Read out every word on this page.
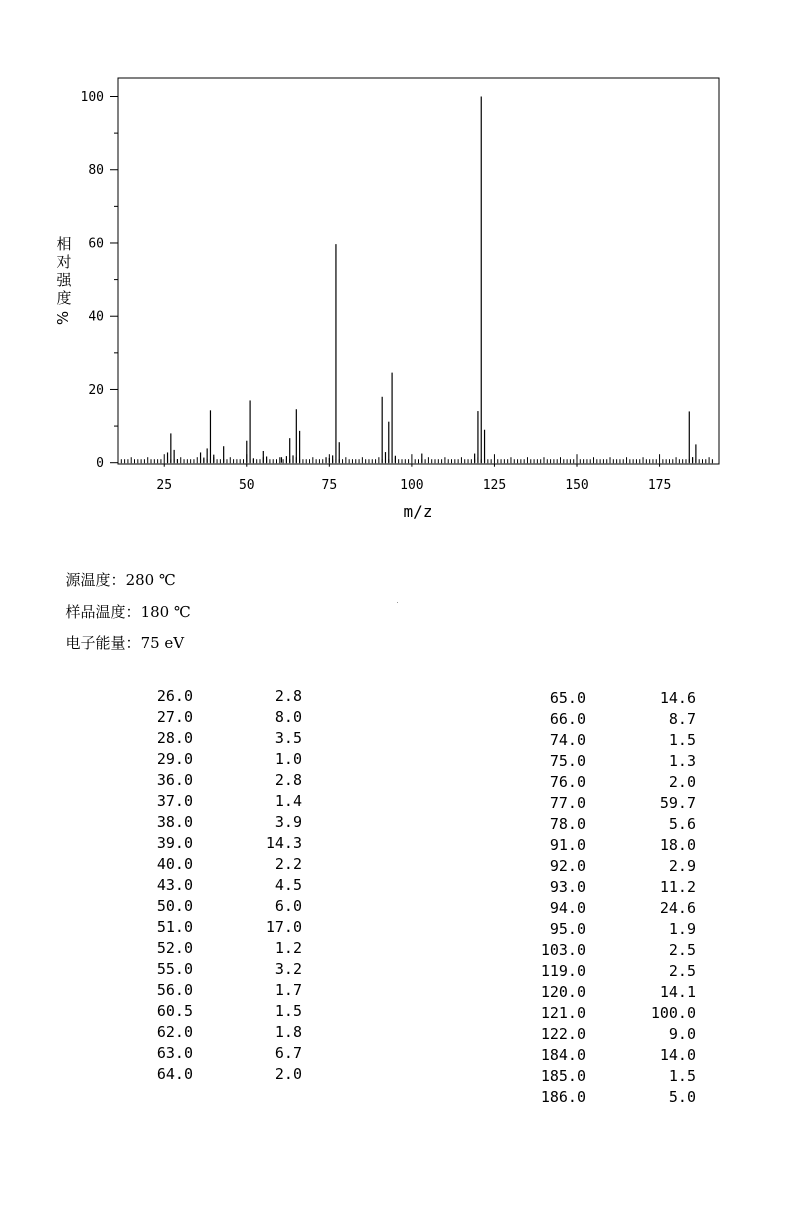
0
20
40
60
80
100
25	50	75	100	125	150	175
相
对
强
度
%
m/z

源温度：280 ℃

样品温度：180 ℃

电子能量：75 eV

26.0	2.8
27.0	8.0
28.0	3.5
29.0	1.0
36.0	2.8
37.0	1.4
38.0	3.9
39.0	14.3
40.0	2.2
43.0	4.5
50.0	6.0
51.0	17.0
52.0	1.2
55.0	3.2
56.0	1.7
60.5	1.5
62.0	1.8
63.0	6.7
64.0	2.0
65.0	14.6
66.0	8.7
74.0	1.5
75.0	1.3
76.0	2.0
77.0	59.7
78.0	5.6
91.0	18.0
92.0	2.9
93.0	11.2
94.0	24.6
95.0	1.9
103.0	2.5
119.0	2.5
120.0	14.1
121.0	100.0
122.0	9.0
184.0	14.0
185.0	1.5
186.0	5.0
